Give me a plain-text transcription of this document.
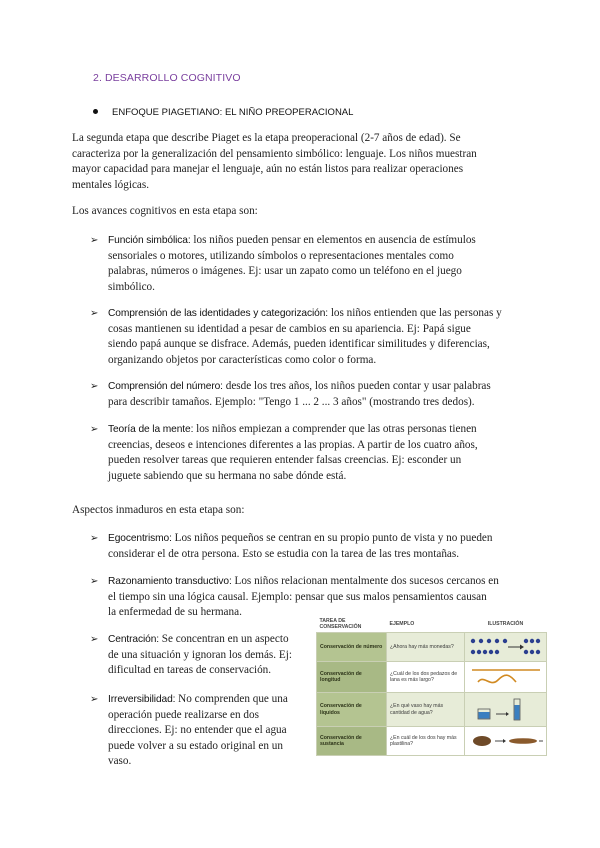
2. DESARROLLO COGNITIVO
ENFOQUE PIAGETIANO: EL NIÑO PREOPERACIONAL
La segunda etapa que describe Piaget es la etapa preoperacional (2-7 años de edad). Se
caracteriza por la generalización del pensamiento simbólico: lenguaje. Los niños muestran
mayor capacidad para manejar el lenguaje, aún no están listos para realizar operaciones
mentales lógicas.
Los avances cognitivos en esta etapa son:
➢ Función simbólica: los niños pueden pensar en elementos en ausencia de estímulos
sensoriales o motores, utilizando símbolos o representaciones mentales como
palabras, números o imágenes. Ej: usar un zapato como un teléfono en el juego
simbólico.
➢ Comprensión de las identidades y categorización: los niños entienden que las personas y
cosas mantienen su identidad a pesar de cambios en su apariencia. Ej: Papá sigue
siendo papá aunque se disfrace. Además, pueden identificar similitudes y diferencias,
organizando objetos por características como color o forma.
➢ Comprensión del número: desde los tres años, los niños pueden contar y usar palabras
para describir tamaños. Ejemplo: "Tengo 1 ... 2 ... 3 años" (mostrando tres dedos).
➢ Teoría de la mente: los niños empiezan a comprender que las otras personas tienen
creencias, deseos e intenciones diferentes a las propias. A partir de los cuatro años,
pueden resolver tareas que requieren entender falsas creencias. Ej: esconder un
juguete sabiendo que su hermana no sabe dónde está.
Aspectos inmaduros en esta etapa son:
➢ Egocentrismo: Los niños pequeños se centran en su propio punto de vista y no pueden
considerar el de otra persona. Esto se estudia con la tarea de las tres montañas.
➢ Razonamiento transductivo: Los niños relacionan mentalmente dos sucesos cercanos en
el tiempo sin una lógica causal. Ejemplo: pensar que sus malos pensamientos causan
la enfermedad de su hermana.
➢ Centración: Se concentran en un aspecto
de una situación y ignoran los demás. Ej:
dificultad en tareas de conservación.
➢ Irreversibilidad: No comprenden que una
operación puede realizarse en dos
direcciones. Ej: no entender que el agua
puede volver a su estado original en un
vaso.
TAREA DE CONSERVACIÓN	EJEMPLO	ILUSTRACIÓN
Conservación de número	¿Ahora hay más monedas?	

Conservación de longitud	¿Cuál de los dos pedazos de lana es más largo?	

Conservación de líquidos	¿En qué vaso hay más cantidad de agua?	

Conservación de sustancia	¿En cuál de los dos hay más plastilina?	
